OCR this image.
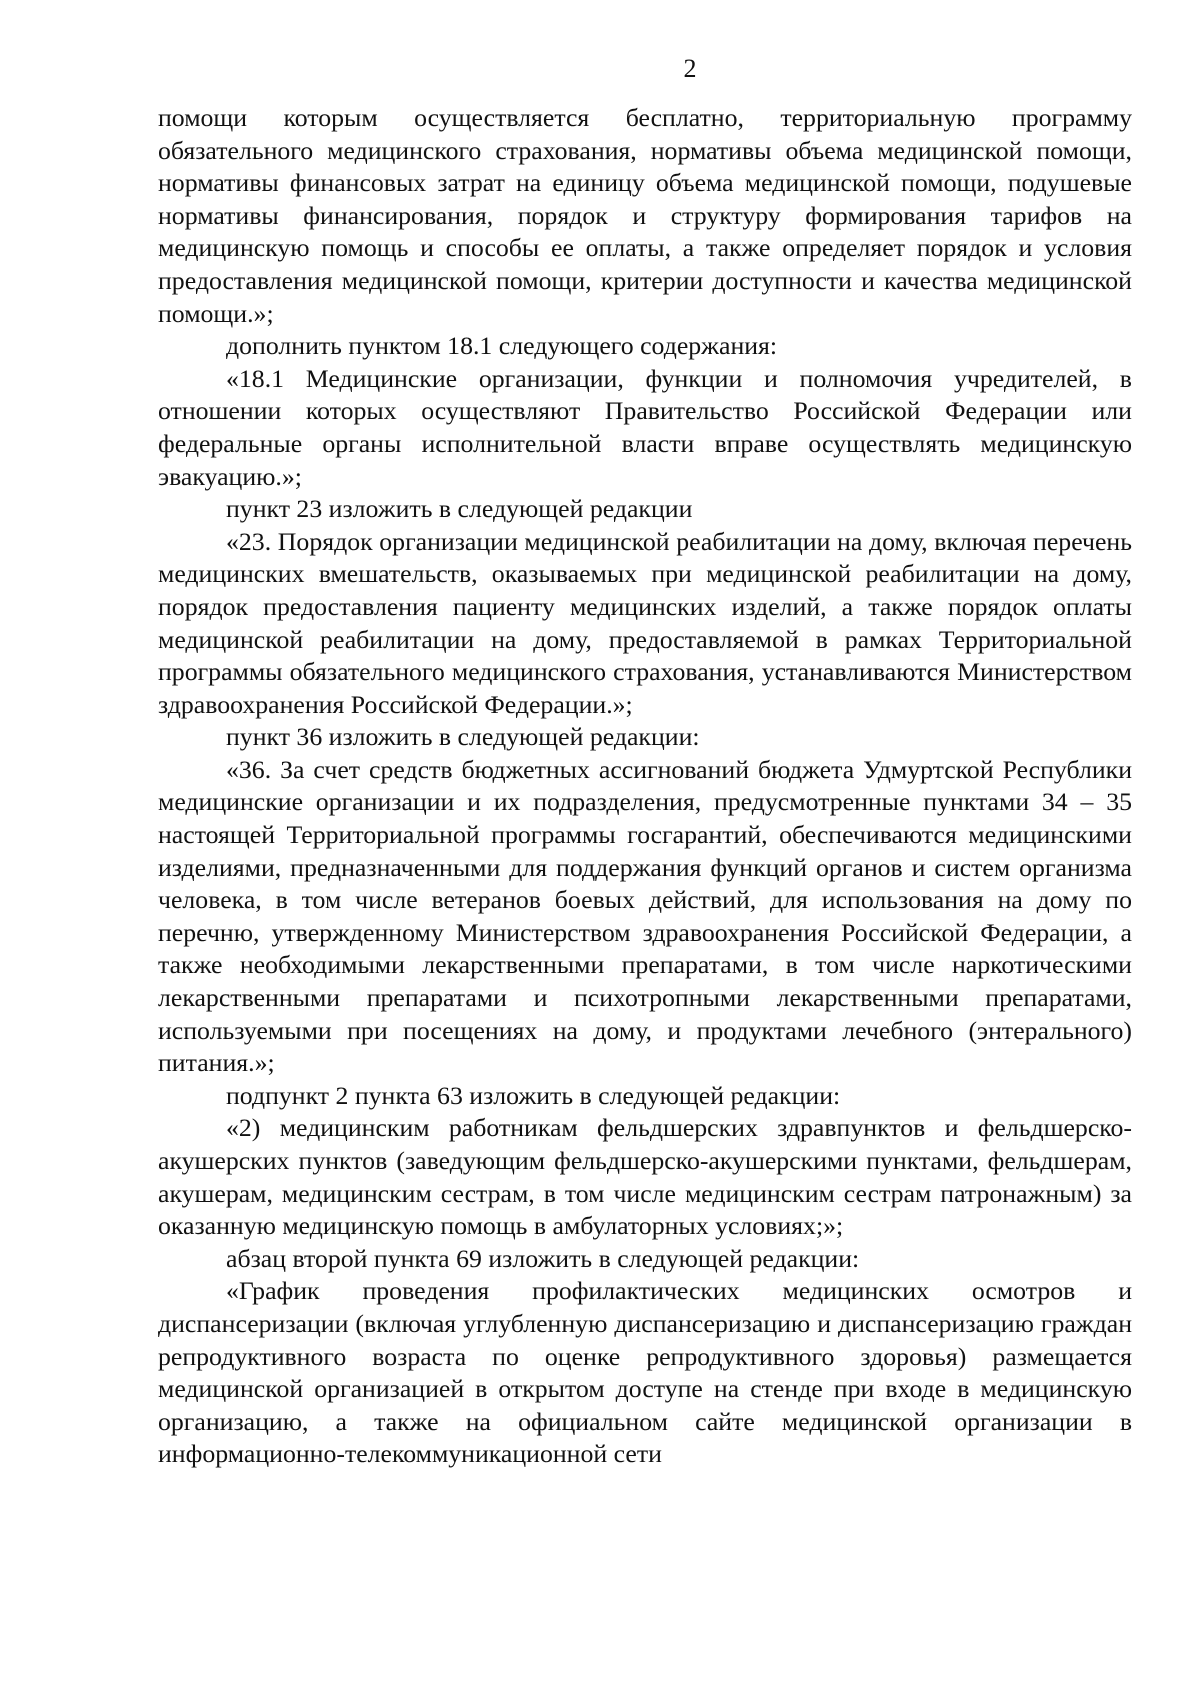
2

помощи которым осуществляется бесплатно, территориальную программу обязательного медицинского страхования, нормативы объема медицинской помощи, нормативы финансовых затрат на единицу объема медицинской помощи, подушевые нормативы финансирования, порядок и структуру формирования тарифов на медицинскую помощь и способы ее оплаты, а также определяет порядок и условия предоставления медицинской помощи, критерии доступности и качества медицинской помощи.»;

дополнить пунктом 18.1 следующего содержания:

«18.1 Медицинские организации, функции и полномочия учредителей, в отношении которых осуществляют Правительство Российской Федерации или федеральные органы исполнительной власти вправе осуществлять медицинскую эвакуацию.»;

пункт 23 изложить в следующей редакции

«23. Порядок организации медицинской реабилитации на дому, включая перечень медицинских вмешательств, оказываемых при медицинской реабилитации на дому, порядок предоставления пациенту медицинских изделий, а также порядок оплаты медицинской реабилитации на дому, предоставляемой в рамках Территориальной программы обязательного медицинского страхования, устанавливаются Министерством здравоохранения Российской Федерации.»;

пункт 36 изложить в следующей редакции:

«36. За счет средств бюджетных ассигнований бюджета Удмуртской Республики медицинские организации и их подразделения, предусмотренные пунктами 34 – 35 настоящей Территориальной программы госгарантий, обеспечиваются медицинскими изделиями, предназначенными для поддержания функций органов и систем организма человека, в том числе ветеранов боевых действий, для использования на дому по перечню, утвержденному Министерством здравоохранения Российской Федерации, а также необходимыми лекарственными препаратами, в том числе наркотическими лекарственными препаратами и психотропными лекарственными препаратами, используемыми при посещениях на дому, и продуктами лечебного (энтерального) питания.»;

подпункт 2 пункта 63 изложить в следующей редакции:

«2) медицинским работникам фельдшерских здравпунктов и фельдшерско-акушерских пунктов (заведующим фельдшерско-акушерскими пунктами, фельдшерам, акушерам, медицинским сестрам, в том числе медицинским сестрам патронажным) за оказанную медицинскую помощь в амбулаторных условиях;»;

абзац второй пункта 69 изложить в следующей редакции:

«График проведения профилактических медицинских осмотров и диспансеризации (включая углубленную диспансеризацию и диспансеризацию граждан репродуктивного возраста по оценке репродуктивного здоровья) размещается медицинской организацией в открытом доступе на стенде при входе в медицинскую организацию, а также на официальном сайте медицинской организации в информационно-телекоммуникационной сети
